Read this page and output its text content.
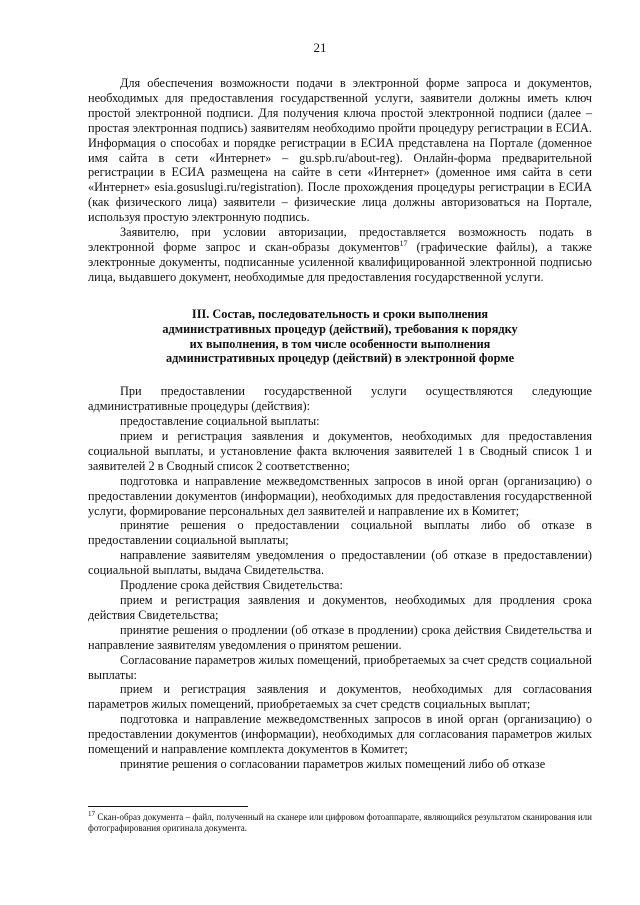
21

Для обеспечения возможности подачи в электронной форме запроса и документов, необходимых для предоставления государственной услуги, заявители должны иметь ключ простой электронной подписи. Для получения ключа простой электронной подписи (далее – простая электронная подпись) заявителям необходимо пройти процедуру регистрации в ЕСИА. Информация о способах и порядке регистрации в ЕСИА представлена на Портале (доменное имя сайта в сети «Интернет» – gu.spb.ru/about-reg). Онлайн-форма предварительной регистрации в ЕСИА размещена на сайте в сети «Интернет» (доменное имя сайта в сети «Интернет» esia.gosuslugi.ru/registration). После прохождения процедуры регистрации в ЕСИА (как физического лица) заявители – физические лица должны авторизоваться на Портале, используя простую электронную подпись.

Заявителю, при условии авторизации, предоставляется возможность подать в электронной форме запрос и скан-образы документов$^{17}$ (графические файлы), а также электронные документы, подписанные усиленной квалифицированной электронной подписью лица, выдавшего документ, необходимые для предоставления государственной услуги.

III. Состав, последовательность и сроки выполнения
административных процедур (действий), требования к порядку
их выполнения, в том числе особенности выполнения
административных процедур (действий) в электронной форме

При предоставлении государственной услуги осуществляются следующие административные процедуры (действия):

предоставление социальной выплаты:

прием и регистрация заявления и документов, необходимых для предоставления социальной выплаты, и установление факта включения заявителей 1 в Сводный список 1 и заявителей 2 в Сводный список 2 соответственно;

подготовка и направление межведомственных запросов в иной орган (организацию) о предоставлении документов (информации), необходимых для предоставления государственной услуги, формирование персональных дел заявителей и направление их в Комитет;

принятие решения о предоставлении социальной выплаты либо об отказе в предоставлении социальной выплаты;

направление заявителям уведомления о предоставлении (об отказе в предоставлении) социальной выплаты, выдача Свидетельства.

Продление срока действия Свидетельства:

прием и регистрация заявления и документов, необходимых для продления срока действия Свидетельства;

принятие решения о продлении (об отказе в продлении) срока действия Свидетельства и направление заявителям уведомления о принятом решении.

Согласование параметров жилых помещений, приобретаемых за счет средств социальной выплаты:

прием и регистрация заявления и документов, необходимых для согласования параметров жилых помещений, приобретаемых за счет средств социальных выплат;

подготовка и направление межведомственных запросов в иной орган (организацию) о предоставлении документов (информации), необходимых для согласования параметров жилых помещений и направление комплекта документов в Комитет;

принятие решения о согласовании параметров жилых помещений либо об отказе

$^{17}$ Скан-образ документа – файл, полученный на сканере или цифровом фотоаппарате, являющийся результатом сканирования или фотографирования оригинала документа.
